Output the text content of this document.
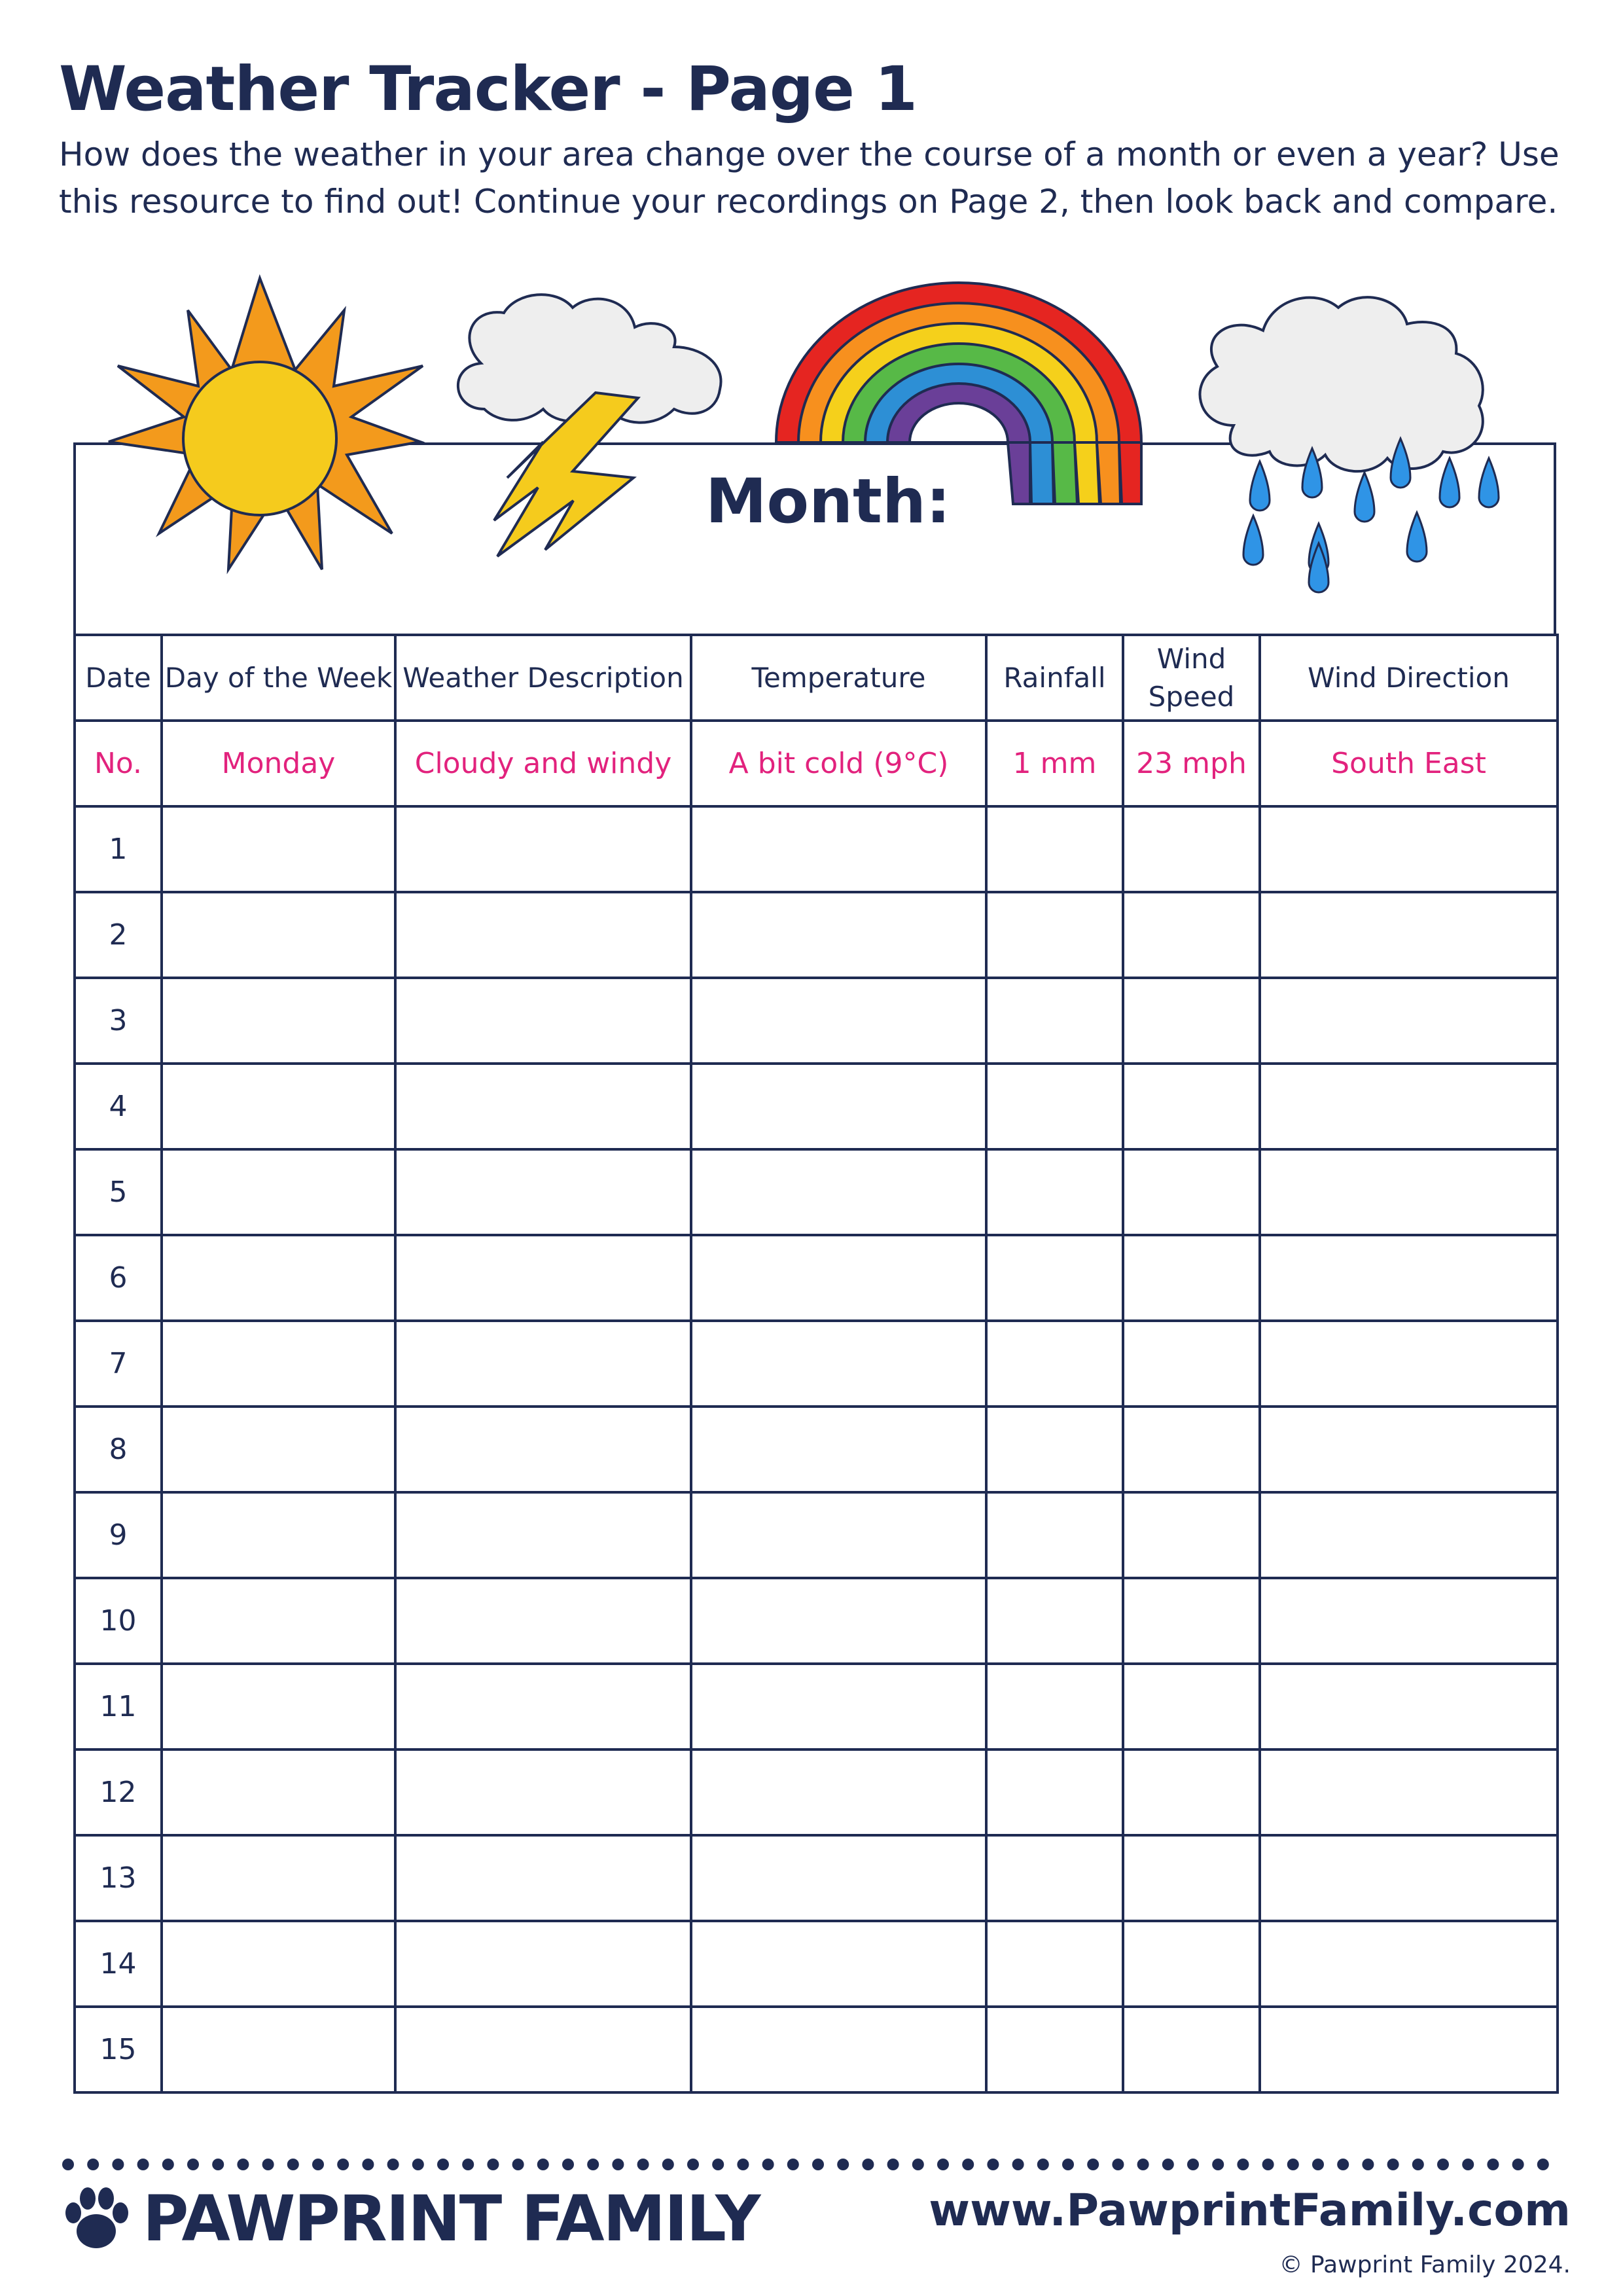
Weather Tracker - Page 1
How does the weather in your area change over the course of a month or even a year? Use this resource to find out! Continue your recordings on Page 2, then look back and compare.
Month:
Date	Day of the Week	Weather Description	Temperature	Rainfall	Wind Speed	Wind Direction
No.	Monday	Cloudy and windy	A bit cold (9°C)	1 mm	23 mph	South East
1						
2						
3						
4						
5						
6						
7						
8						
9						
10						
11						
12						
13						
14						
15						
PAWPRINT FAMILY	www.PawprintFamily.com
© Pawprint Family 2024.
